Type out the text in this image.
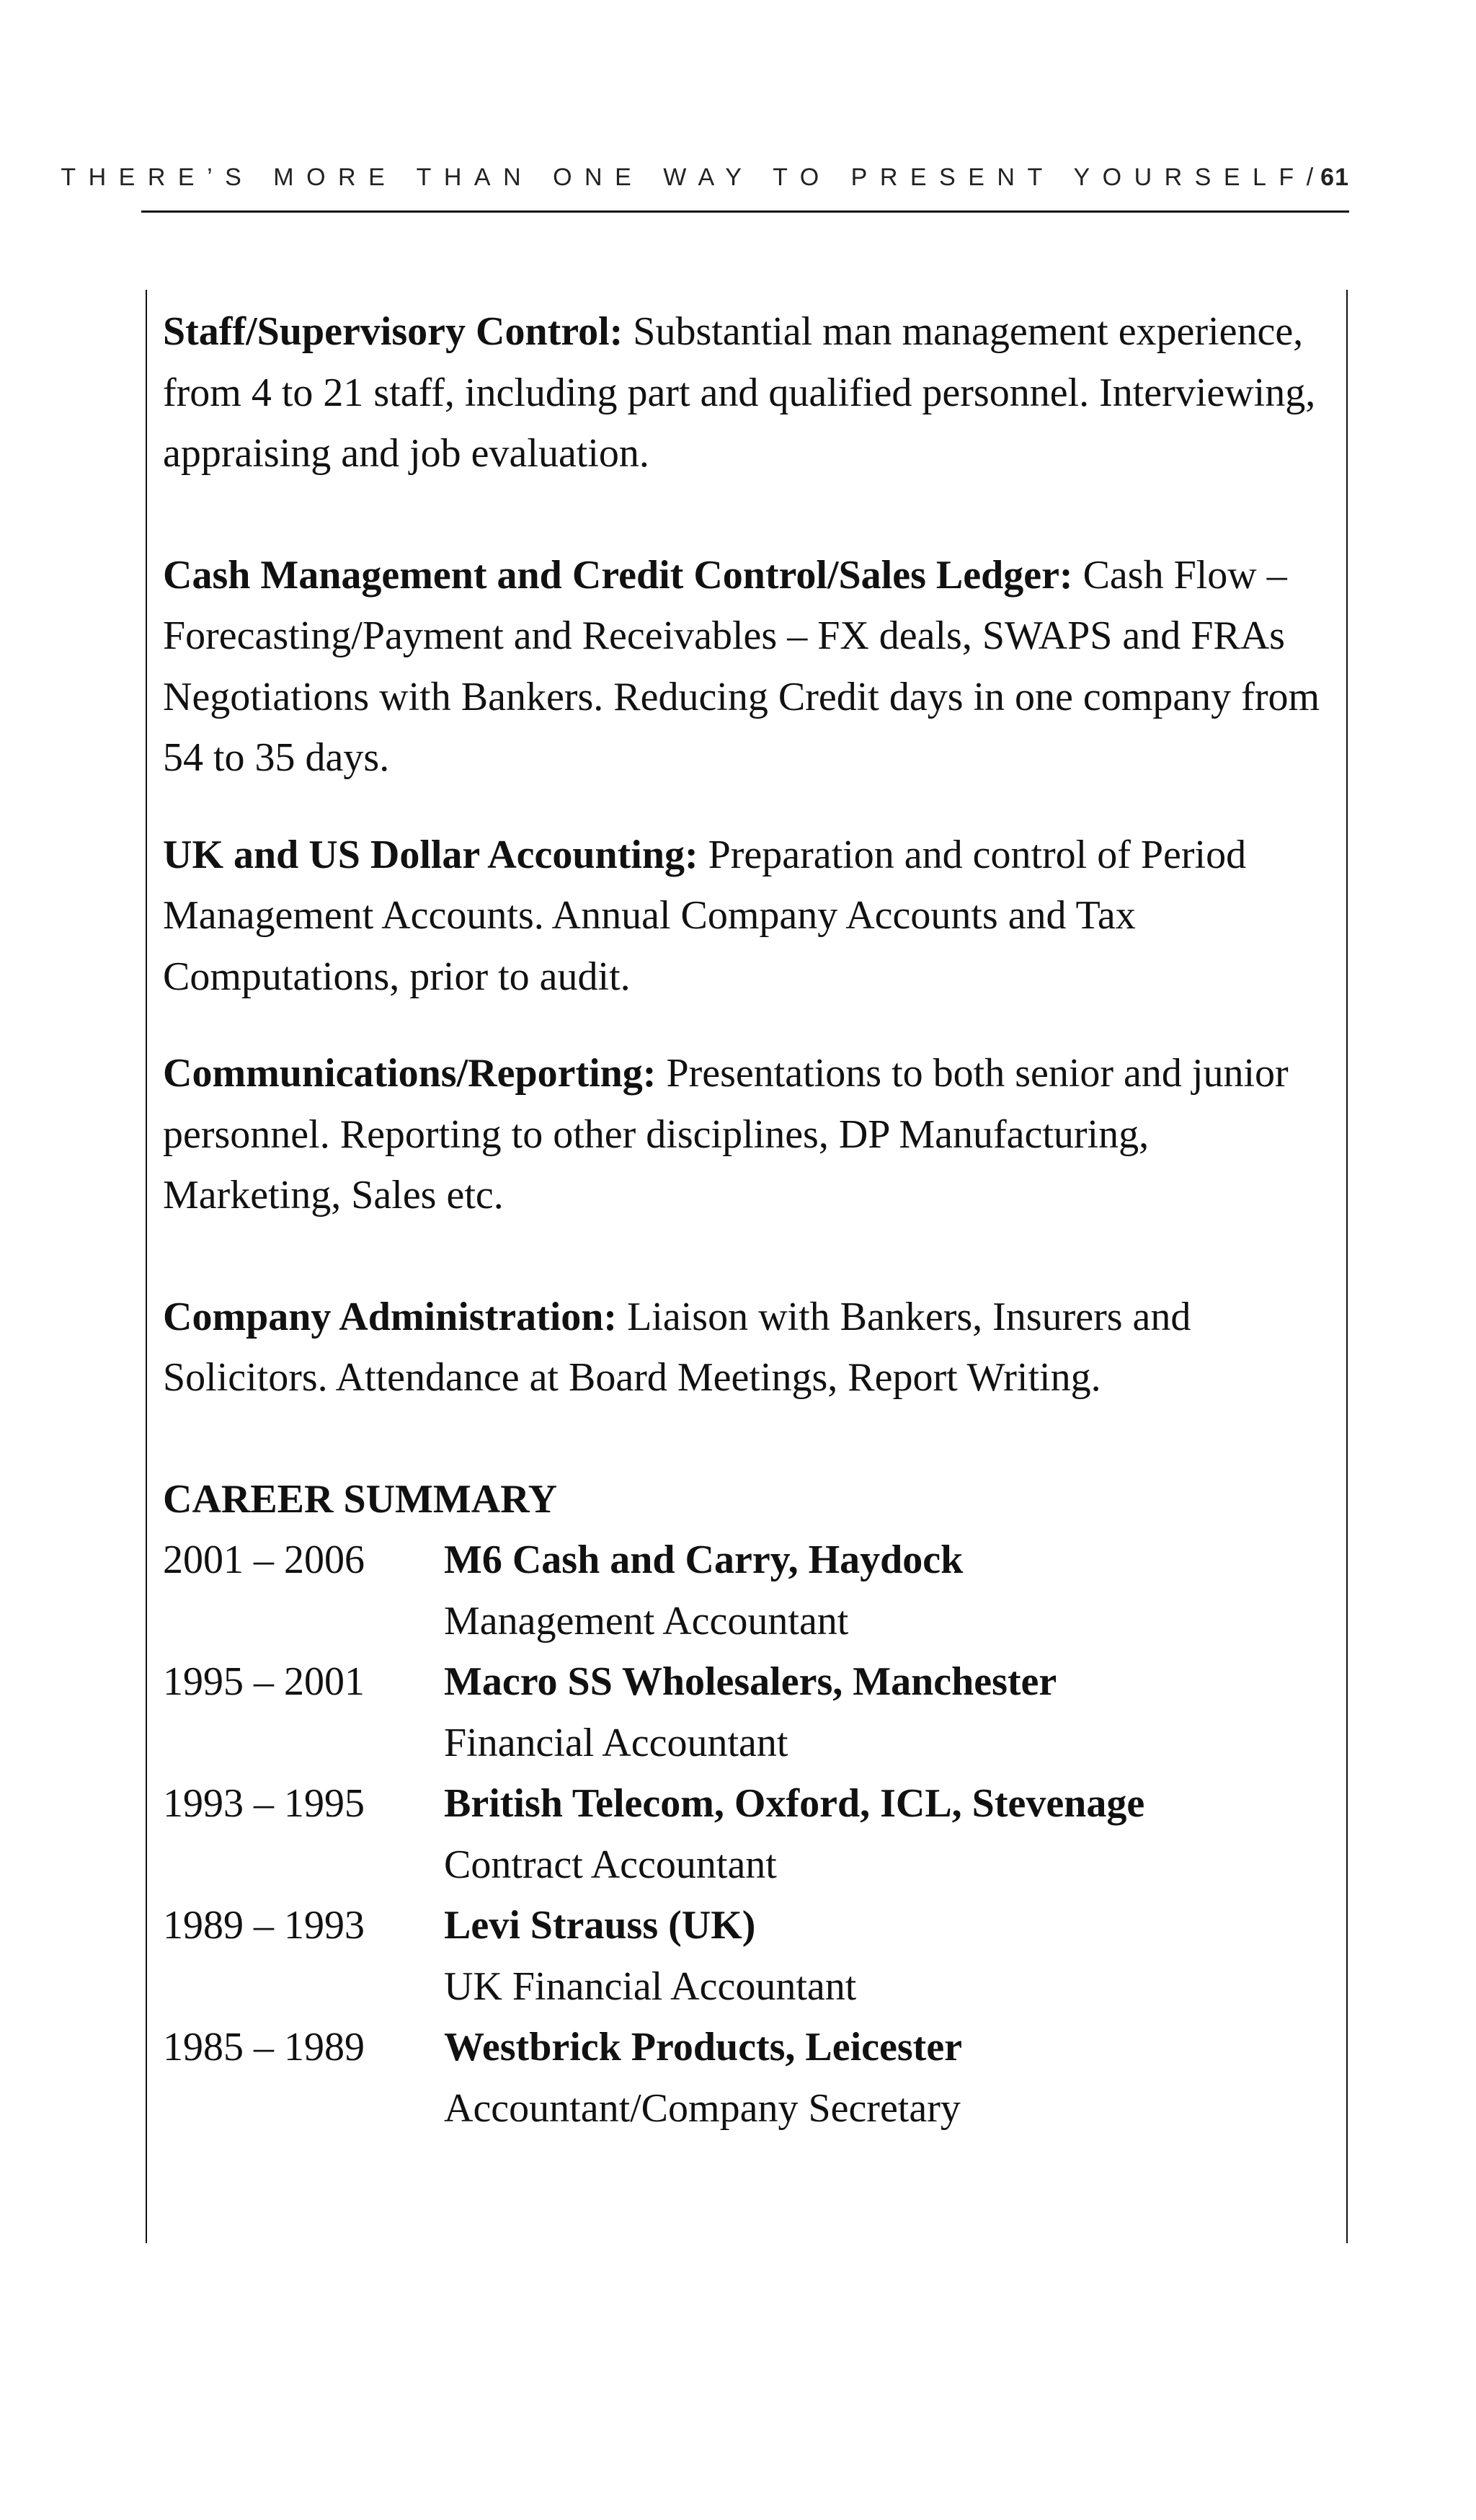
THERE’S MORE THAN ONE WAY TO PRESENT YOURSELF / 61

Staff/Supervisory Control: Substantial man management experience, from 4 to 21 staff, including part and qualified personnel. Interviewing, appraising and job evaluation.

Cash Management and Credit Control/Sales Ledger: Cash Flow – Forecasting/Payment and Receivables – FX deals, SWAPS and FRAs Negotiations with Bankers. Reducing Credit days in one company from 54 to 35 days.

UK and US Dollar Accounting: Preparation and control of Period Management Accounts. Annual Company Accounts and Tax Computations, prior to audit.

Communications/Reporting: Presentations to both senior and junior personnel. Reporting to other disciplines, DP Manufacturing, Marketing, Sales etc.

Company Administration: Liaison with Bankers, Insurers and Solicitors. Attendance at Board Meetings, Report Writing.

CAREER SUMMARY

2001 – 2006	M6 Cash and Carry, Haydock
Management Accountant
1995 – 2001	Macro SS Wholesalers, Manchester
Financial Accountant
1993 – 1995	British Telecom, Oxford, ICL, Stevenage
Contract Accountant
1989 – 1993	Levi Strauss (UK)
UK Financial Accountant
1985 – 1989	Westbrick Products, Leicester
Accountant/Company Secretary
